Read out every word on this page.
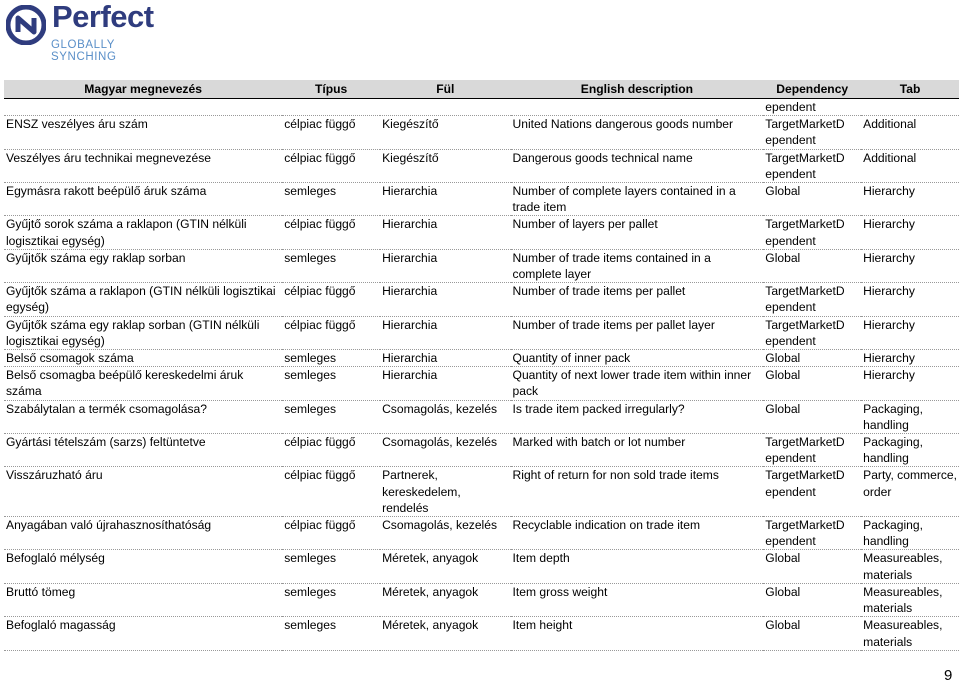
Perfect
GLOBALLY SYNCHING
Magyar megnevezés	Típus	Fül	English description	Dependency	Tab
				ependent	
ENSZ veszélyes áru szám	célpiac függő	Kiegészítő	United Nations dangerous goods number	TargetMarketD ependent	Additional
Veszélyes áru technikai megnevezése	célpiac függő	Kiegészítő	Dangerous goods technical name	TargetMarketD ependent	Additional
Egymásra rakott beépülő áruk száma	semleges	Hierarchia	Number of complete layers contained in a trade item	Global	Hierarchy
Gyűjtő sorok száma a raklapon (GTIN nélküli logisztikai egység)	célpiac függő	Hierarchia	Number of layers per pallet	TargetMarketD ependent	Hierarchy
Gyűjtők száma egy raklap sorban	semleges	Hierarchia	Number of trade items contained in a complete layer	Global	Hierarchy
Gyűjtők száma a raklapon (GTIN nélküli logisztikai egység)	célpiac függő	Hierarchia	Number of trade items per pallet	TargetMarketD ependent	Hierarchy
Gyűjtők száma egy raklap sorban (GTIN nélküli logisztikai egység)	célpiac függő	Hierarchia	Number of trade items per pallet layer	TargetMarketD ependent	Hierarchy
Belső csomagok száma	semleges	Hierarchia	Quantity of inner pack	Global	Hierarchy
Belső csomagba beépülő kereskedelmi áruk száma	semleges	Hierarchia	Quantity of next lower trade item within inner pack	Global	Hierarchy
Szabálytalan a termék csomagolása?	semleges	Csomagolás, kezelés	Is trade item packed irregularly?	Global	Packaging, handling
Gyártási tételszám (sarzs) feltüntetve	célpiac függő	Csomagolás, kezelés	Marked with batch or lot number	TargetMarketD ependent	Packaging, handling
Visszáruzható áru	célpiac függő	Partnerek, kereskedelem, rendelés	Right of return for non sold trade items	TargetMarketD ependent	Party, commerce, order
Anyagában való újrahasznosíthatóság	célpiac függő	Csomagolás, kezelés	Recyclable indication on trade item	TargetMarketD ependent	Packaging, handling
Befoglaló mélység	semleges	Méretek, anyagok	Item depth	Global	Measureables, materials
Bruttó tömeg	semleges	Méretek, anyagok	Item gross weight	Global	Measureables, materials
Befoglaló magasság	semleges	Méretek, anyagok	Item height	Global	Measureables, materials
9
